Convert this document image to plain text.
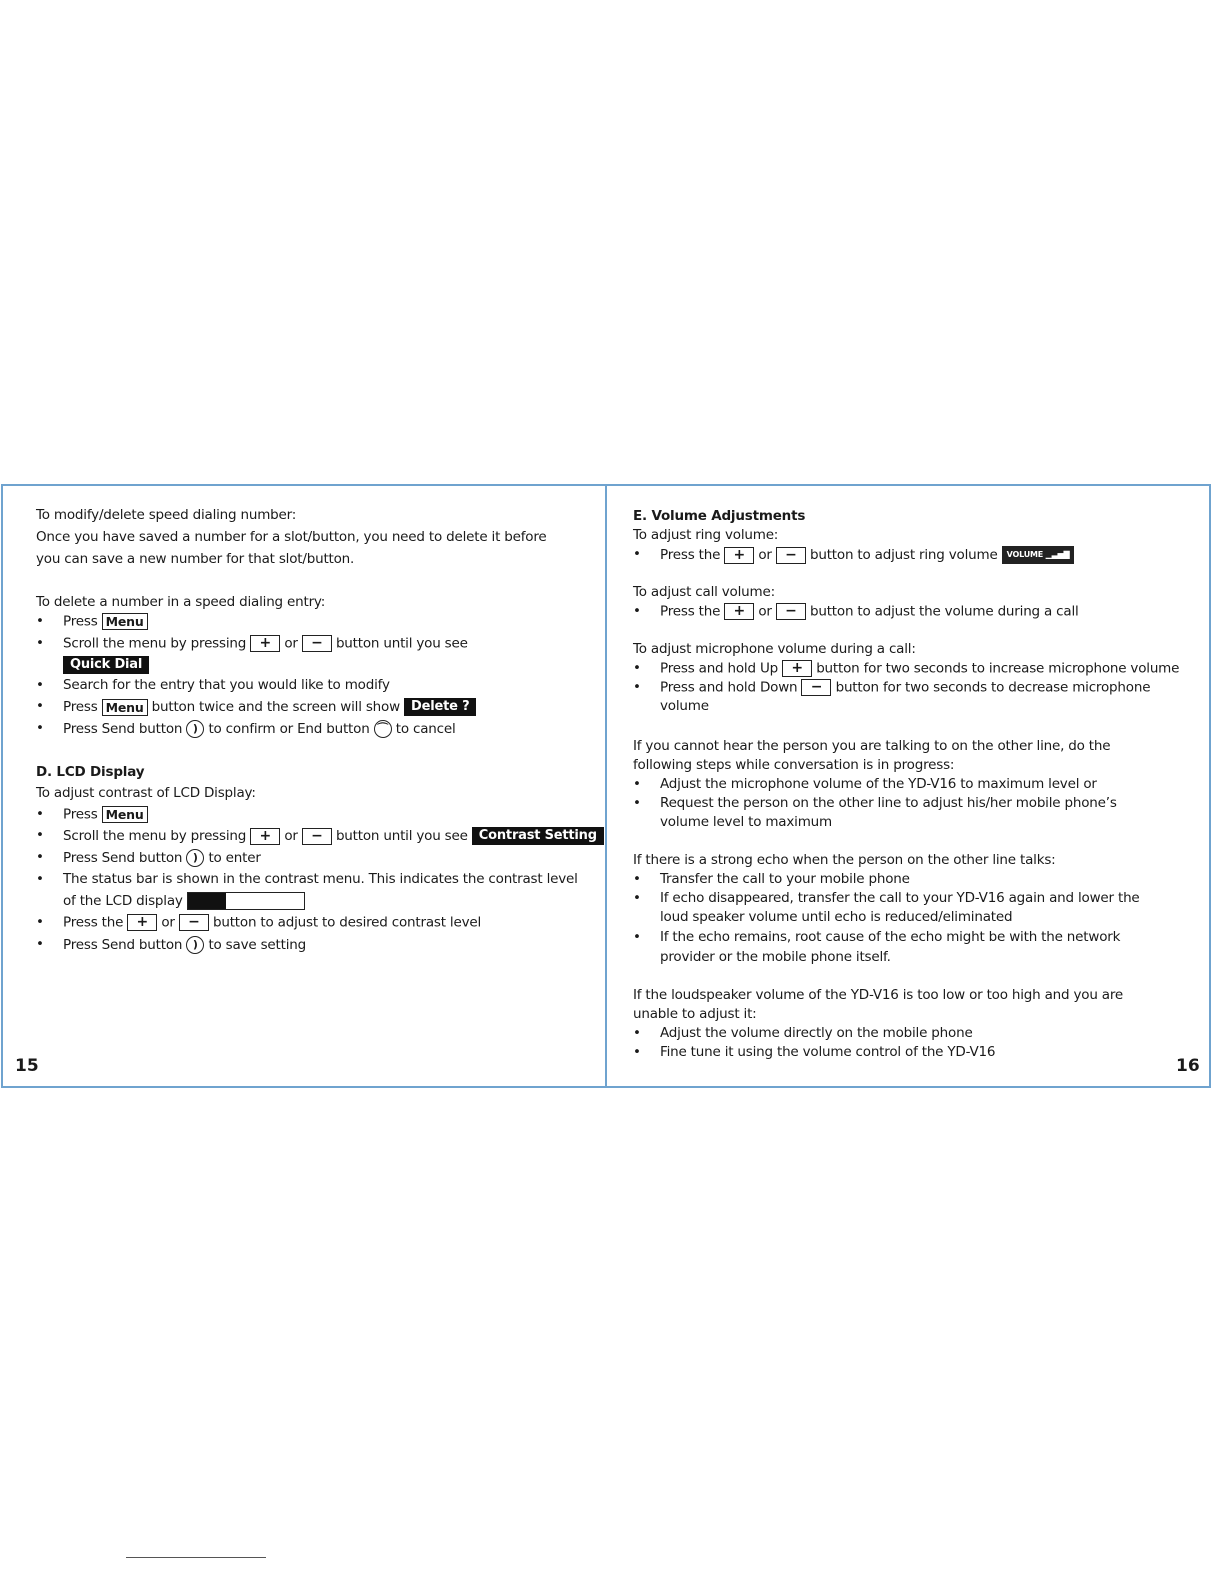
To modify/delete speed dialing number:
Once you have saved a number for a slot/button, you need to delete it before
you can save a new number for that slot/button.
To delete a number in a speed dialing entry:
• Press Menu
• Scroll the menu by pressing + or − button until you see
Quick Dial
• Search for the entry that you would like to modify
• Press Menu button twice and the screen will show Delete ?
• Press Send button ) to confirm or End button ⌒ to cancel
D. LCD Display
To adjust contrast of LCD Display:
• Press Menu
• Scroll the menu by pressing + or − button until you see Contrast Setting
• Press Send button ) to enter
• The status bar is shown in the contrast menu. This indicates the contrast level
of the LCD display
• Press the + or − button to adjust to desired contrast level
• Press Send button ) to save setting
15
E. Volume Adjustments
To adjust ring volume:
• Press the + or − button to adjust ring volume VOLUME ▁▃▅▇
To adjust call volume:
• Press the + or − button to adjust the volume during a call
To adjust microphone volume during a call:
• Press and hold Up + button for two seconds to increase microphone volume
• Press and hold Down − button for two seconds to decrease microphone
volume
If you cannot hear the person you are talking to on the other line, do the
following steps while conversation is in progress:
• Adjust the microphone volume of the YD-V16 to maximum level or
• Request the person on the other line to adjust his/her mobile phone’s
volume level to maximum
If there is a strong echo when the person on the other line talks:
• Transfer the call to your mobile phone
• If echo disappeared, transfer the call to your YD-V16 again and lower the
loud speaker volume until echo is reduced/eliminated
• If the echo remains, root cause of the echo might be with the network
provider or the mobile phone itself.
If the loudspeaker volume of the YD-V16 is too low or too high and you are
unable to adjust it:
• Adjust the volume directly on the mobile phone
• Fine tune it using the volume control of the YD-V16
16
